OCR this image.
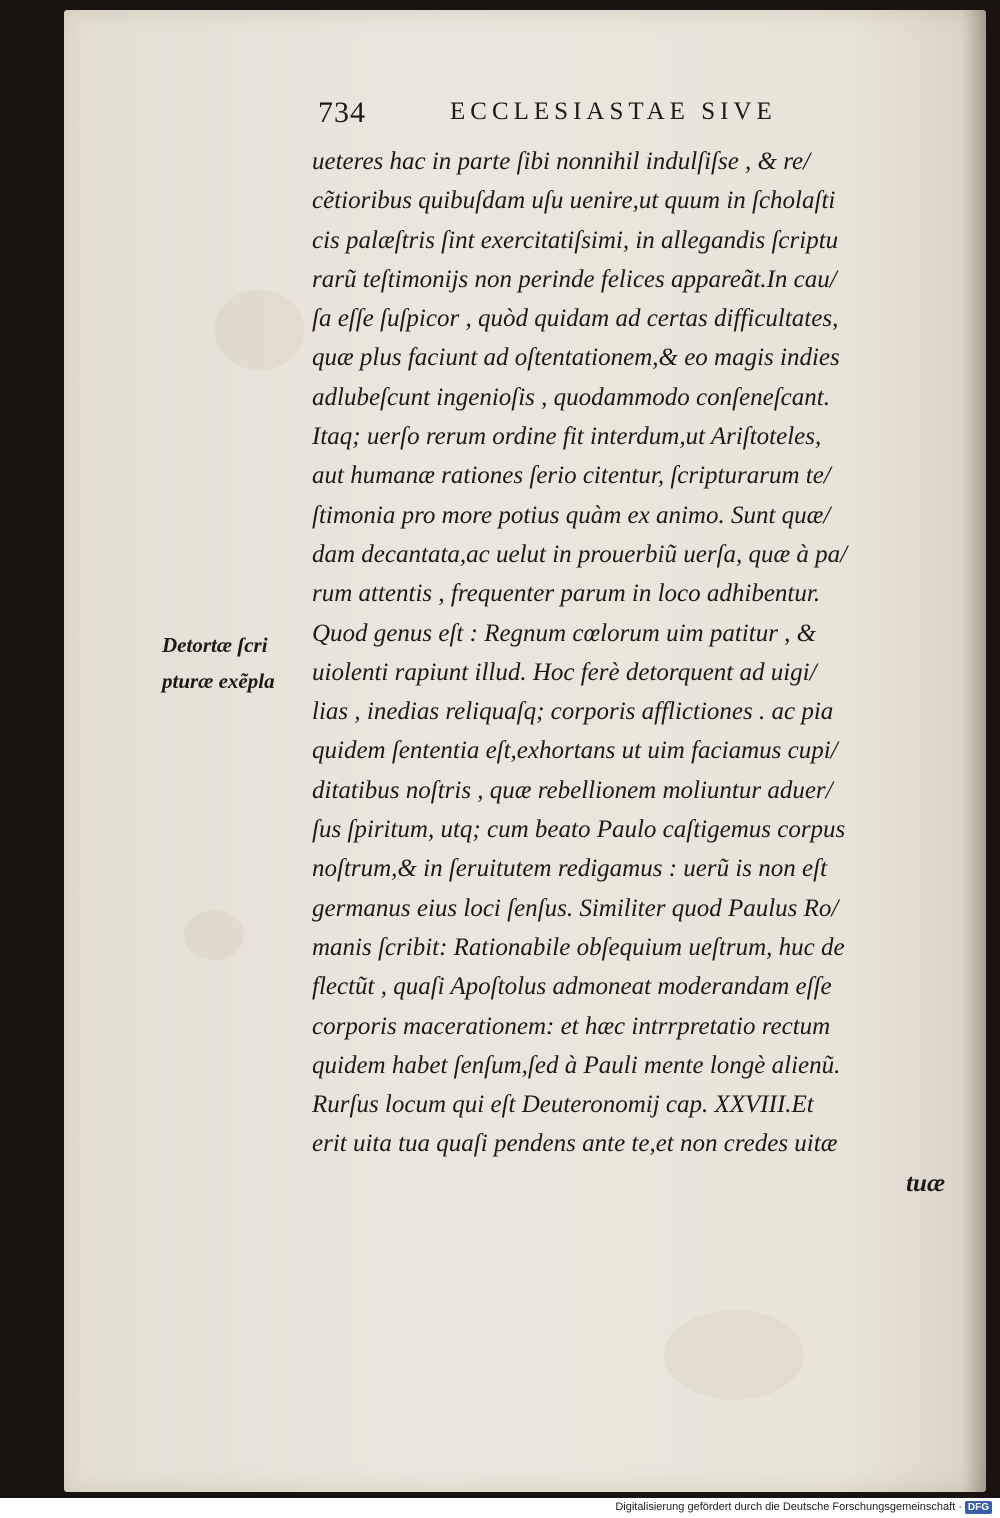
734	ECCLESIASTAE SIVE
Detortæ ſcri
pturæ exẽpla
ueteres hac in parte ſibi nonnihil indulſiſse , & re/
cẽtioribus quibuſdam uſu uenire,ut quum in ſcholaſti
cis palæſtris ſint exercitatiſsimi, in allegandis ſcriptu
rarũ teſtimonijs non perinde felices appareãt.In cau/
ſa eſſe ſuſpicor , quòd quidam ad certas difficultates,
quæ plus faciunt ad oſtentationem,& eo magis indies
adlubeſcunt ingenioſis , quodammodo conſeneſcant.
Itaq; uerſo rerum ordine fit interdum,ut Ariſtoteles,
aut humanæ rationes ſerio citentur, ſcripturarum te/
ſtimonia pro more potius quàm ex animo. Sunt quæ/
dam decantata,ac uelut in prouerbiũ uerſa, quæ à pa/
rum attentis , frequenter parum in loco adhibentur.
Quod genus eſt : Regnum cœlorum uim patitur , &
uiolenti rapiunt illud. Hoc ferè detorquent ad uigi/
lias , inedias reliquaſq; corporis afflictiones . ac pia
quidem ſententia eſt,exhortans ut uim faciamus cupi/
ditatibus noſtris , quæ rebellionem moliuntur aduer/
ſus ſpiritum, utq; cum beato Paulo caſtigemus corpus
noſtrum,& in ſeruitutem redigamus : uerũ is non eſt
germanus eius loci ſenſus. Similiter quod Paulus Ro/
manis ſcribit: Rationabile obſequium ueſtrum, huc de
flectũt , quaſi Apoſtolus admoneat moderandam eſſe
corporis macerationem: et hæc intrrpretatio rectum
quidem habet ſenſum,ſed à Pauli mente longè alienũ.
Rurſus locum qui eſt Deuteronomij cap. XXVIII.Et
erit uita tua quaſi pendens ante te,et non credes uitæ
tuæ
Digitalisierung gefördert durch die Deutsche Forschungsgemeinschaft · DFG
